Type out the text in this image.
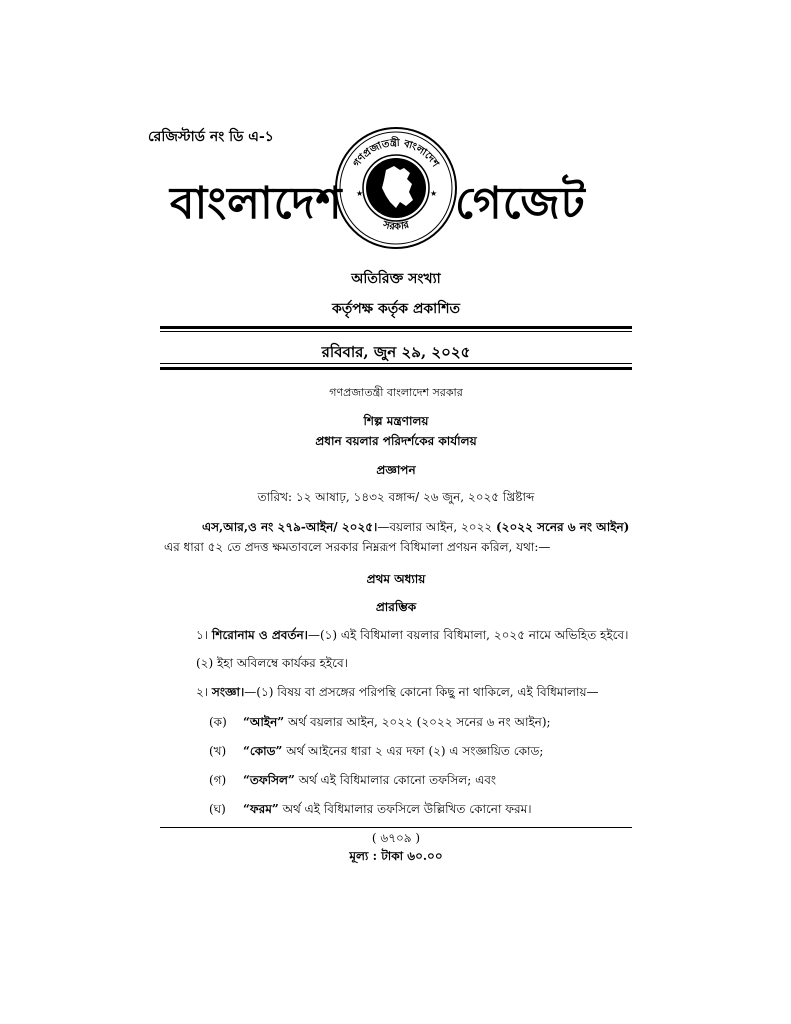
রেজিস্টার্ড নং ডি এ-১
বাংলাদেশ
গণপ্রজাতন্ত্রী বাংলাদেশ
সরকার
★	★ গেজেট
অতিরিক্ত সংখ্যা
কর্তৃপক্ষ কর্তৃক প্রকাশিত
রবিবার, জুন ২৯, ২০২৫
গণপ্রজাতন্ত্রী বাংলাদেশ সরকার
শিল্প মন্ত্রণালয়
প্রধান বয়লার পরিদর্শকের কার্যালয়
প্রজ্ঞাপন
তারিখ: ১২ আষাঢ়, ১৪৩২ বঙ্গাব্দ/ ২৬ জুন, ২০২৫ খ্রিষ্টাব্দ
এস,আর,ও নং ২৭৯-আইন/ ২০২৫।—বয়লার আইন, ২০২২ (২০২২ সনের ৬ নং আইন)
এর ধারা ৫২ তে প্রদত্ত ক্ষমতাবলে সরকার নিম্নরূপ বিধিমালা প্রণয়ন করিল, যথা:—
প্রথম অধ্যায়
প্রারম্ভিক
১। শিরোনাম ও প্রবর্তন।—(১) এই বিধিমালা বয়লার বিধিমালা, ২০২৫ নামে অভিহিত হইবে।
(২) ইহা অবিলম্বে কার্যকর হইবে।
২। সংজ্ঞা।—(১) বিষয় বা প্রসঙ্গের পরিপন্থি কোনো কিছু না থাকিলে, এই বিধিমালায়—
(ক) “আইন” অর্থ বয়লার আইন, ২০২২ (২০২২ সনের ৬ নং আইন);
(খ) “কোড” অর্থ আইনের ধারা ২ এর দফা (২) এ সংজ্ঞায়িত কোড;
(গ) “তফসিল” অর্থ এই বিধিমালার কোনো তফসিল; এবং
(ঘ) “ফরম” অর্থ এই বিধিমালার তফসিলে উল্লিখিত কোনো ফরম।
( ৬৭০৯ )
মূল্য : টাকা ৬০.০০
